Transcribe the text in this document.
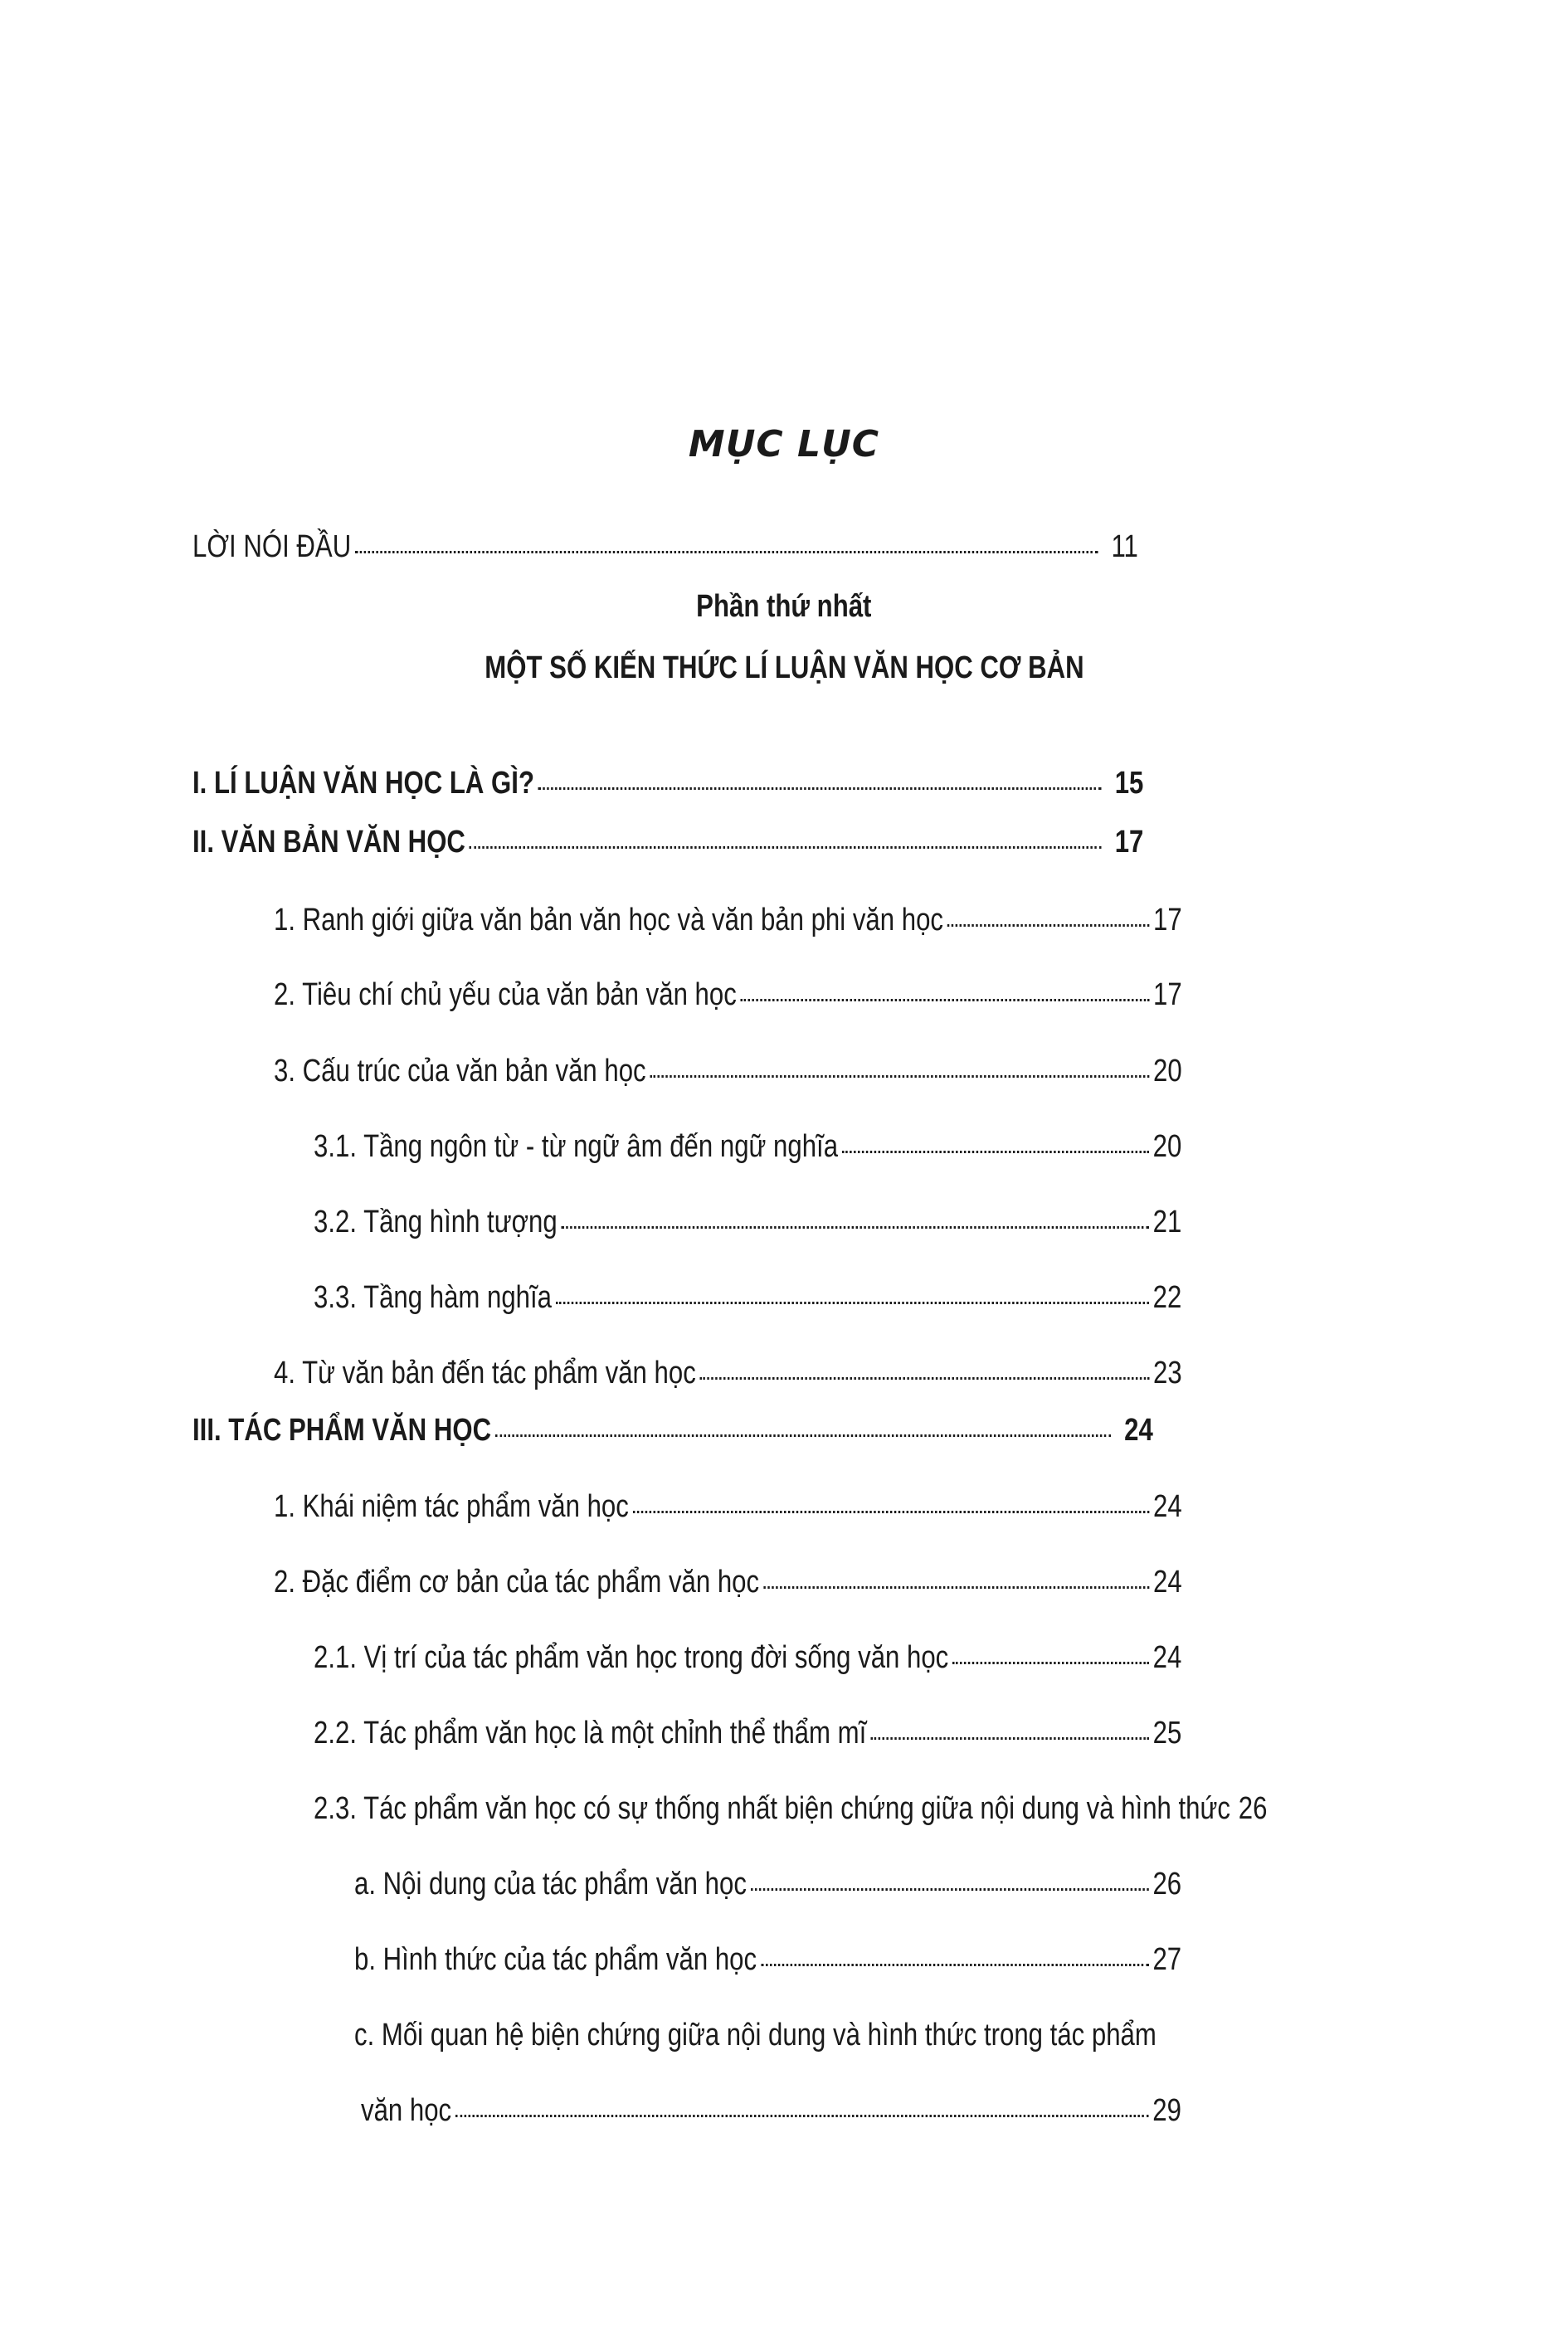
MỤC LỤC
LỜI NÓI ĐẦU	11
Phần thứ nhất
MỘT SỐ KIẾN THỨC LÍ LUẬN VĂN HỌC CƠ BẢN
I. LÍ LUẬN VĂN HỌC LÀ GÌ?	15
II. VĂN BẢN VĂN HỌC	17
1. Ranh giới giữa văn bản văn học và văn bản phi văn học	17
2. Tiêu chí chủ yếu của văn bản văn học	17
3. Cấu trúc của văn bản văn học	20
3.1. Tầng ngôn từ - từ ngữ âm đến ngữ nghĩa	20
3.2. Tầng hình tượng	21
3.3. Tầng hàm nghĩa	22
4. Từ văn bản đến tác phẩm văn học	23
III. TÁC PHẨM VĂN HỌC	24
1. Khái niệm tác phẩm văn học	24
2. Đặc điểm cơ bản của tác phẩm văn học	24
2.1. Vị trí của tác phẩm văn học trong đời sống văn học	24
2.2. Tác phẩm văn học là một chỉnh thể thẩm mĩ	25
2.3. Tác phẩm văn học có sự thống nhất biện chứng giữa nội dung và hình thức 26
a. Nội dung của tác phẩm văn học	26
b. Hình thức của tác phẩm văn học	27
c. Mối quan hệ biện chứng giữa nội dung và hình thức trong tác phẩm
văn học	29
